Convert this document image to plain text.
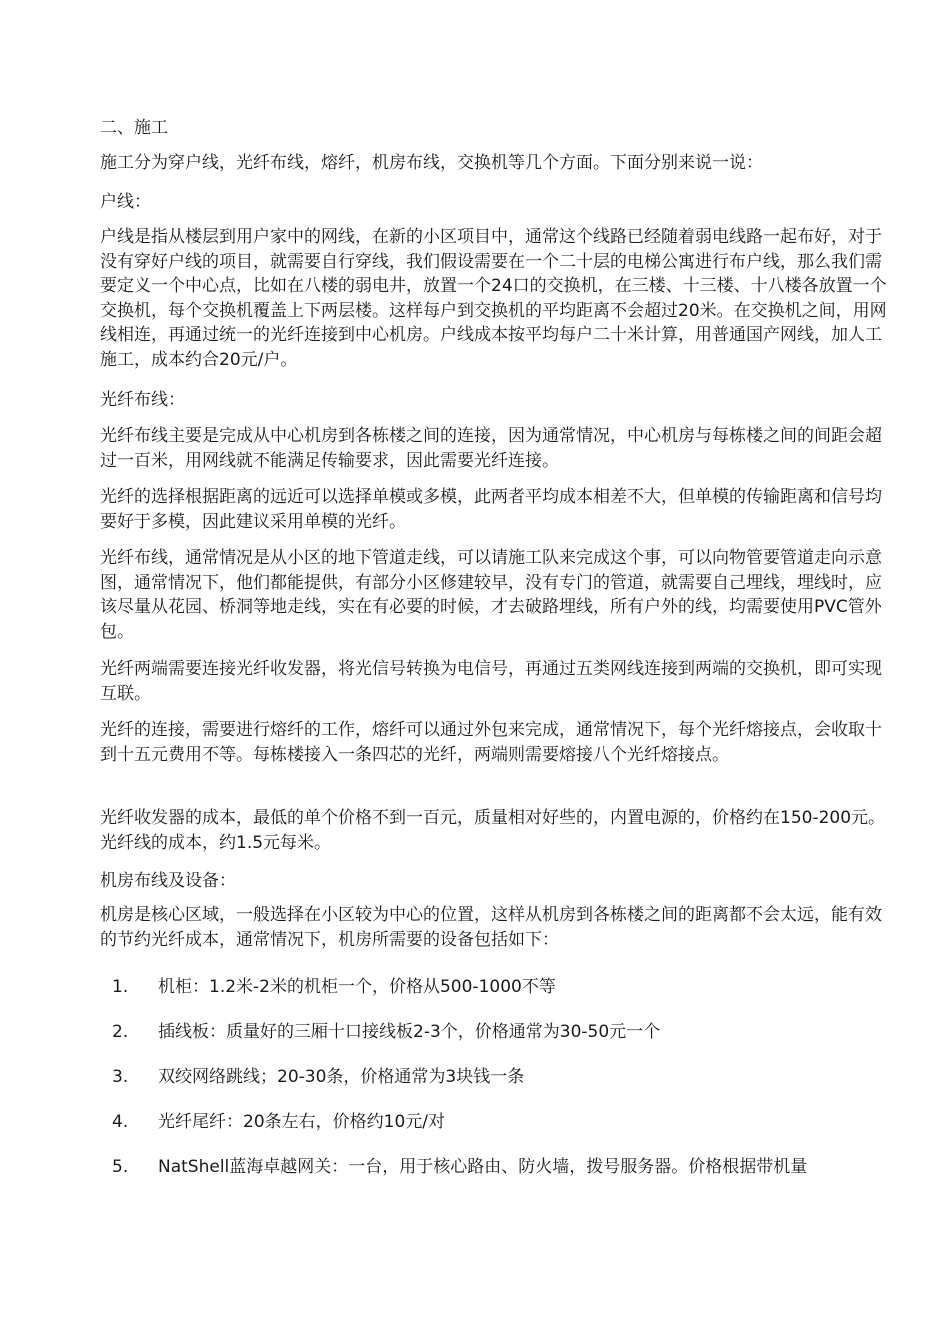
二、施工

施工分为穿户线，光纤布线，熔纤，机房布线，交换机等几个方面。下面分别来说一说：

户线：

户线是指从楼层到用户家中的网线，在新的小区项目中，通常这个线路已经随着弱电线路一起布好，对于没有穿好户线的项目，就需要自行穿线，我们假设需要在一个二十层的电梯公寓进行布户线，那么我们需要定义一个中心点，比如在八楼的弱电井，放置一个24口的交换机，在三楼、十三楼、十八楼各放置一个交换机，每个交换机覆盖上下两层楼。这样每户到交换机的平均距离不会超过20米。在交换机之间，用网线相连，再通过统一的光纤连接到中心机房。户线成本按平均每户二十米计算，用普通国产网线，加人工施工，成本约合20元/户。

光纤布线：

光纤布线主要是完成从中心机房到各栋楼之间的连接，因为通常情况，中心机房与每栋楼之间的间距会超过一百米，用网线就不能满足传输要求，因此需要光纤连接。

光纤的选择根据距离的远近可以选择单模或多模，此两者平均成本相差不大，但单模的传输距离和信号均要好于多模，因此建议采用单模的光纤。

光纤布线，通常情况是从小区的地下管道走线，可以请施工队来完成这个事，可以向物管要管道走向示意图，通常情况下，他们都能提供，有部分小区修建较早，没有专门的管道，就需要自己埋线，埋线时，应该尽量从花园、桥洞等地走线，实在有必要的时候，才去破路埋线，所有户外的线，均需要使用PVC管外包。

光纤两端需要连接光纤收发器，将光信号转换为电信号，再通过五类网线连接到两端的交换机，即可实现互联。

光纤的连接，需要进行熔纤的工作，熔纤可以通过外包来完成，通常情况下，每个光纤熔接点，会收取十到十五元费用不等。每栋楼接入一条四芯的光纤，两端则需要熔接八个光纤熔接点。

光纤收发器的成本，最低的单个价格不到一百元，质量相对好些的，内置电源的，价格约在150-200元。光纤线的成本，约1.5元每米。

机房布线及设备：

机房是核心区域，一般选择在小区较为中心的位置，这样从机房到各栋楼之间的距离都不会太远，能有效的节约光纤成本，通常情况下，机房所需要的设备包括如下：

1. 机柜：1.2米-2米的机柜一个，价格从500-1000不等
2. 插线板：质量好的三厢十口接线板2-3个，价格通常为30-50元一个
3. 双绞网络跳线；20-30条，价格通常为3块钱一条
4. 光纤尾纤：20条左右，价格约10元/对
5. NatShell蓝海卓越网关：一台，用于核心路由、防火墙，拨号服务器。价格根据带机量
